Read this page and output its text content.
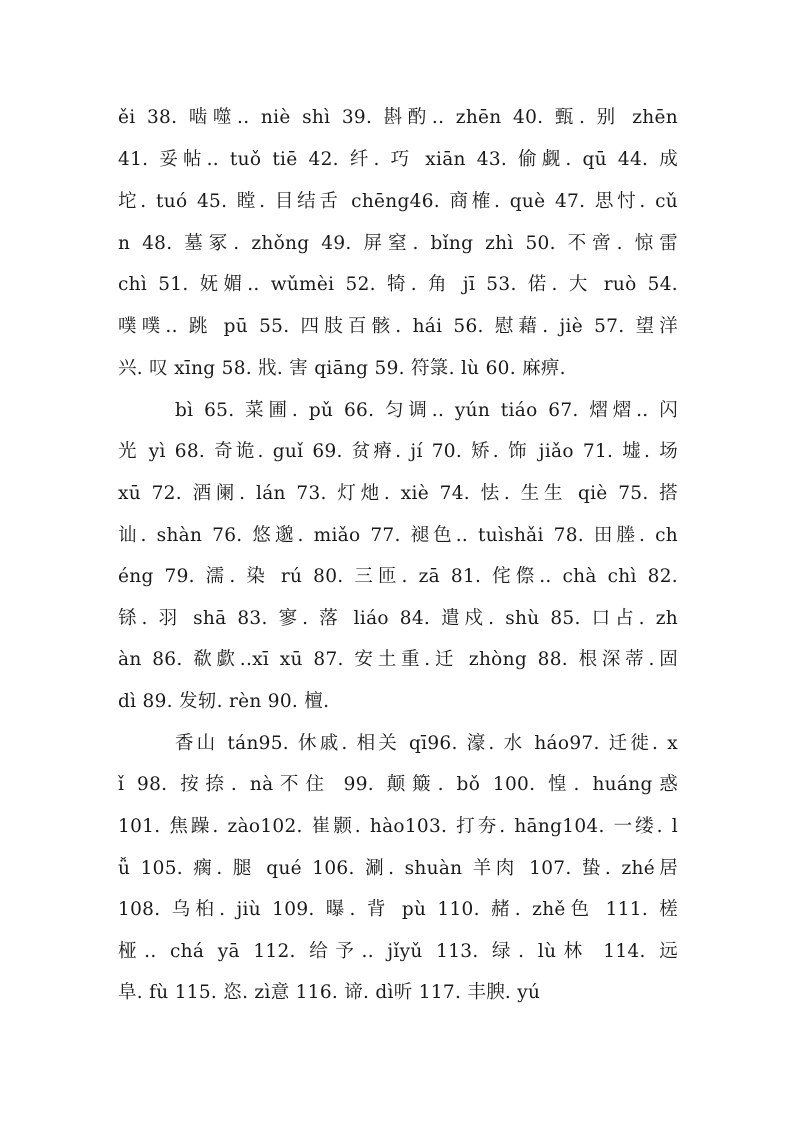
ěi 38. 啮噬.. niè shì 39. 斟酌.. zhēn 40. 甄. 别 zhēn
41. 妥帖.. tuǒ tiē 42. 纤. 巧 xiān 43. 偷觑. qū 44. 成
坨. tuó 45. 瞠. 目结舌 chēng46. 商榷. què 47. 思忖. cǔ
n 48. 墓冢. zhǒng 49. 屏窒. bǐng zhì 50. 不啻. 惊雷
chì 51. 妩媚.. wǔmèi 52. 犄. 角 jī 53. 偌. 大 ruò 54.
噗噗.. 跳 pū 55. 四肢百骸. hái 56. 慰藉. jiè 57. 望洋
兴. 叹 xīng 58. 戕. 害 qiāng 59. 符箓. lù 60. 麻痹.
bì 65. 菜圃. pǔ 66. 匀调.. yún tiáo 67. 熠熠.. 闪
光 yì 68. 奇诡. guǐ 69. 贫瘠. jí 70. 矫. 饰 jiǎo 71. 墟. 场
xū 72. 酒阑. lán 73. 灯灺. xiè 74. 怯. 生生 qiè 75. 搭
讪. shàn 76. 悠邈. miǎo 77. 褪色.. tuìshǎi 78. 田塍. ch
éng 79. 濡. 染 rú 80. 三匝. zā 81. 侘傺.. chà chì 82.
铩. 羽 shā 83. 寥. 落 liáo 84. 遣戍. shù 85. 口占. zh
àn 86. 欷歔..xī xū 87. 安土重.迁 zhòng 88. 根深蒂.固
dì 89. 发轫. rèn 90. 檀.
香山 tán95. 休戚. 相关 qī96. 濠. 水 háo97. 迁徙. x
ǐ 98. 按捺. nà不住 99. 颠簸. bǒ 100. 惶. huáng惑
101. 焦躁. zào102. 崔颢. hào103. 打夯. hāng104. 一缕. l
ǚ 105. 瘸. 腿 qué 106. 涮. shuàn 羊肉 107. 蛰. zhé居
108. 乌桕. jiù 109. 曝. 背 pù 110. 赭. zhě色 111. 槎
桠.. chá yā 112. 给予.. jǐyǔ 113. 绿. lù林 114. 远
阜. fù 115. 恣. zì意 116. 谛. dì听 117. 丰腴. yú
